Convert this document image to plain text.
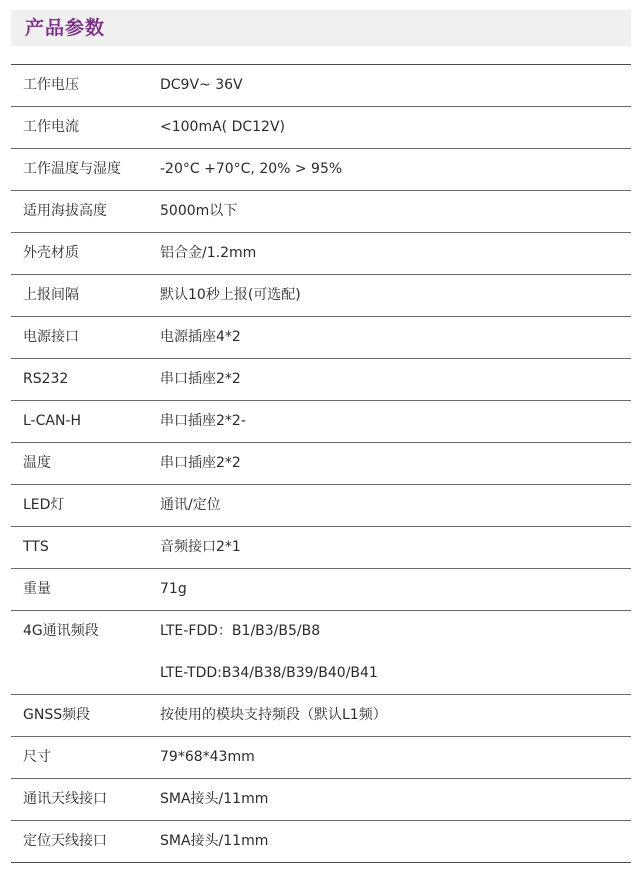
产品参数
工作电压	DC9V~ 36V
工作电流	<100mA( DC12V)
工作温度与湿度	-20°C +70°C, 20% > 95%
适用海拔高度	5000m以下
外壳材质	铝合金/1.2mm
上报间隔	默认10秒上报(可选配)
电源接口	电源插座4*2
RS232	串口插座2*2
L-CAN-H	串口插座2*2-
温度	串口插座2*2
LED灯	通讯/定位
TTS	音频接口2*1
重量	71g
4G通讯频段	LTE-FDD：B1/B3/B5/B8
LTE-TDD:B34/B38/B39/B40/B41
GNSS频段	按使用的模块支持频段（默认L1频）
尺寸	79*68*43mm
通讯天线接口	SMA接头/11mm
定位天线接口	SMA接头/11mm
